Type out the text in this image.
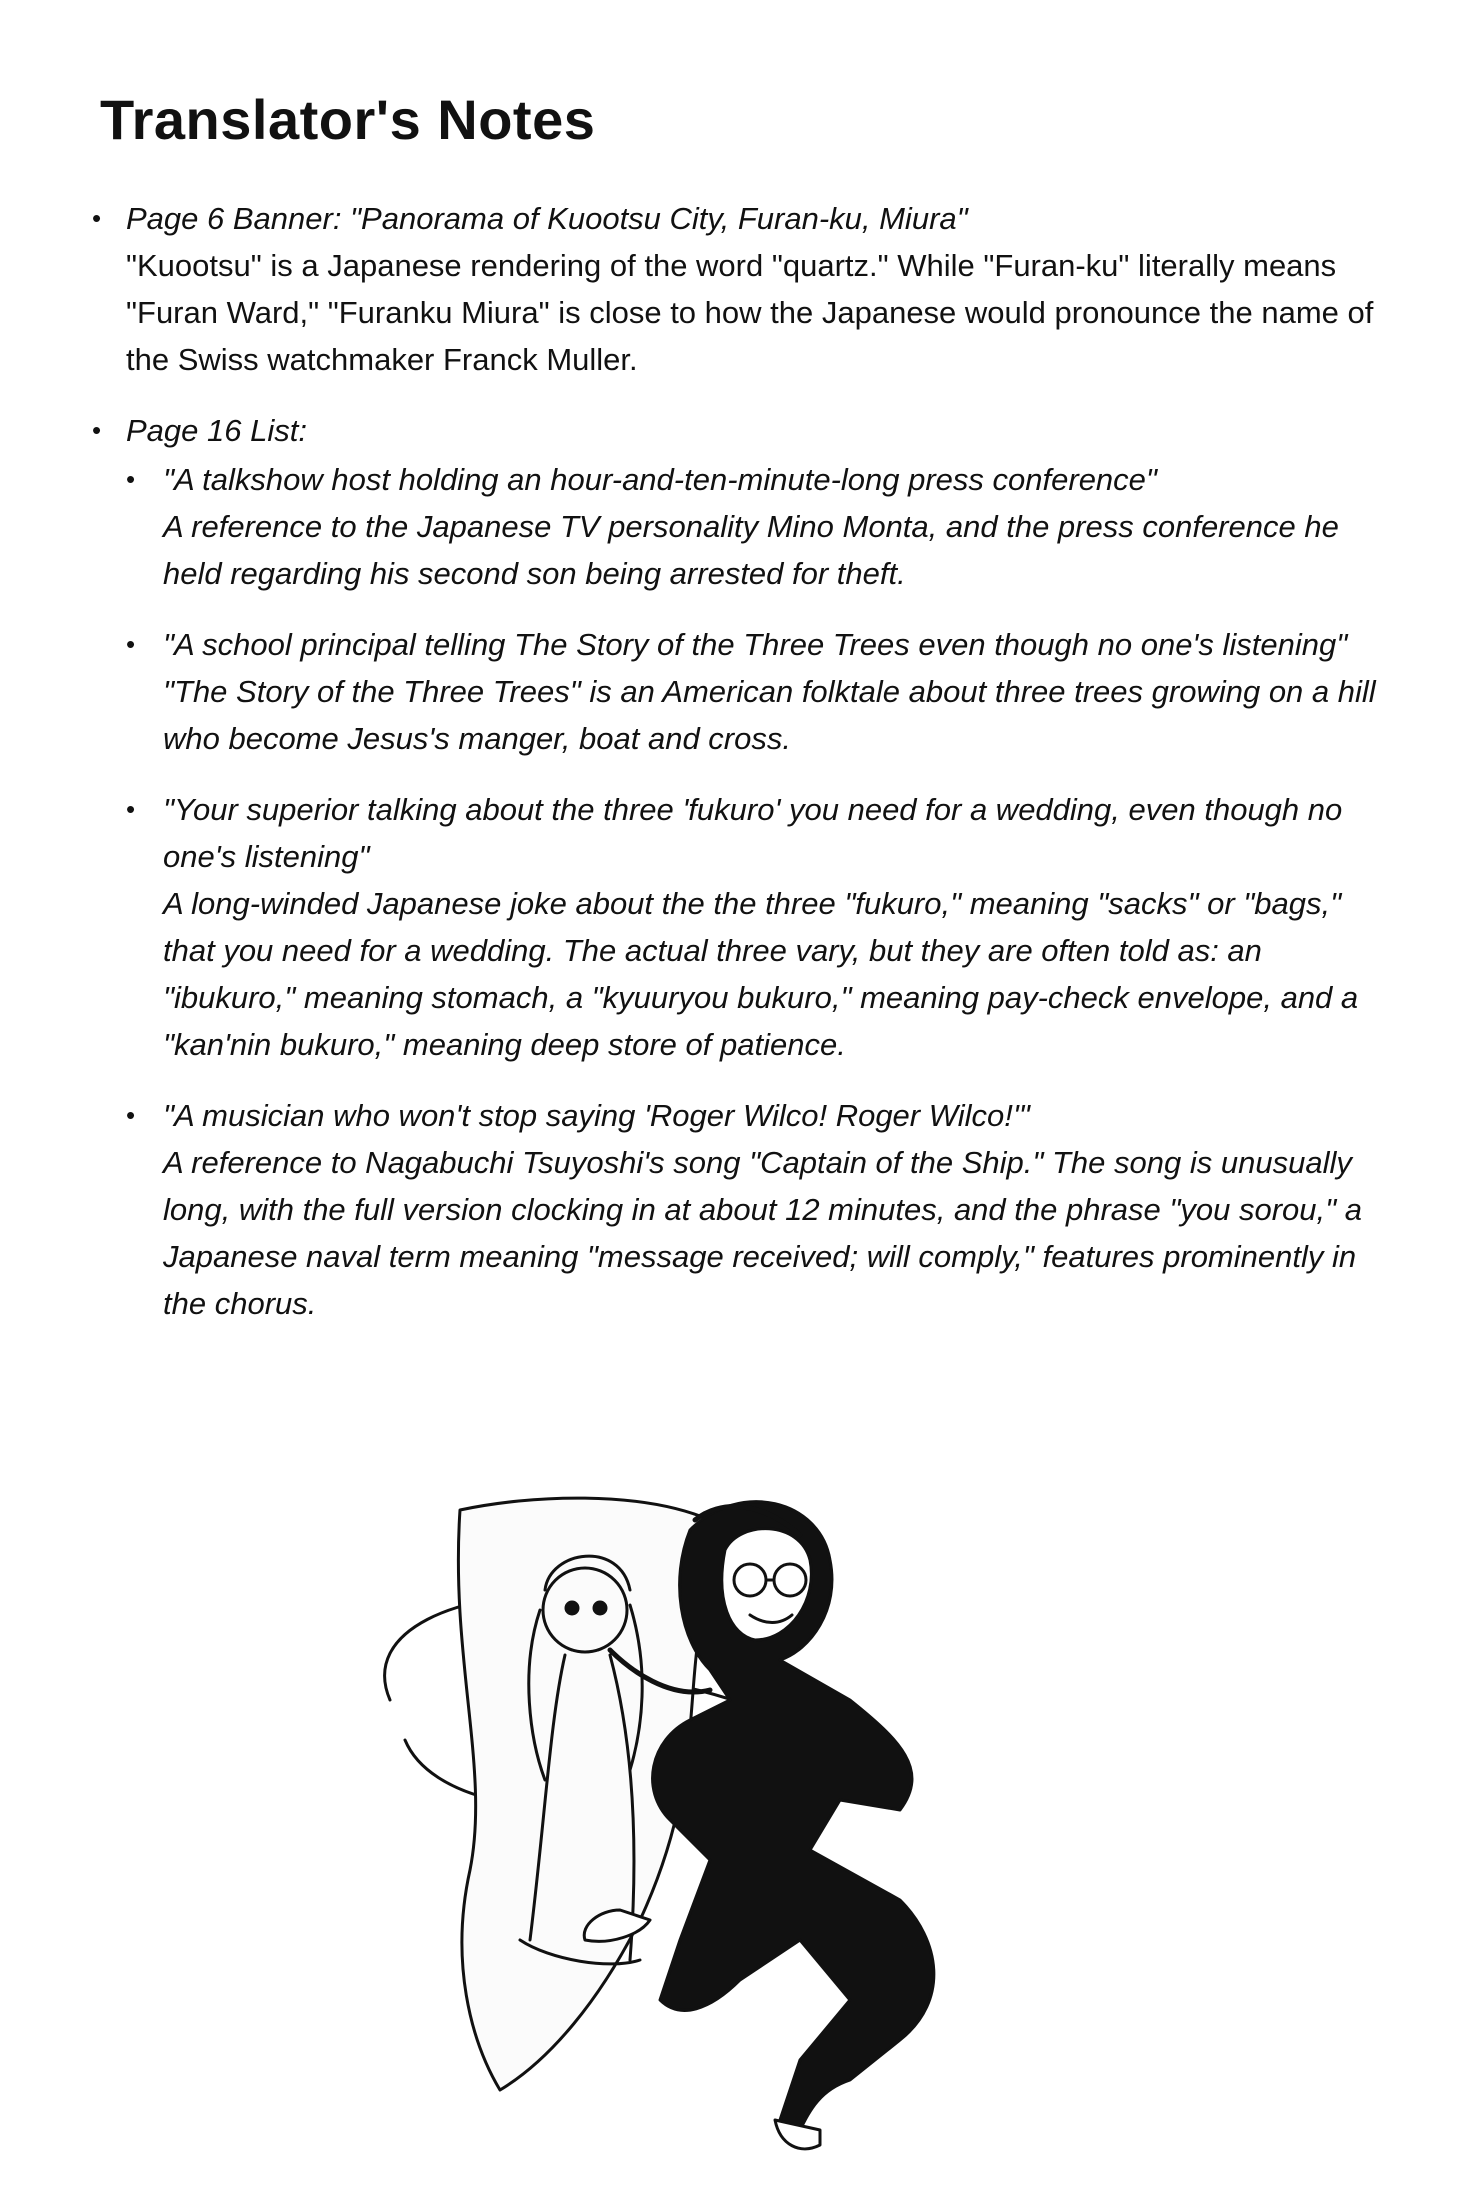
Translator's Notes
• Page 6 Banner: "Panorama of Kuootsu City, Furan-ku, Miura"
"Kuootsu" is a Japanese rendering of the word "quartz." While "Furan-ku" literally means "Furan Ward," "Furanku Miura" is close to how the Japanese would pronounce the name of the Swiss watchmaker Franck Muller.
• Page 16 List:
• "A talkshow host holding an hour-and-ten-minute-long press conference"
A reference to the Japanese TV personality Mino Monta, and the press conference he held regarding his second son being arrested for theft.
• "A school principal telling The Story of the Three Trees even though no one's listening"
"The Story of the Three Trees" is an American folktale about three trees growing on a hill who become Jesus's manger, boat and cross.
• "Your superior talking about the three 'fukuro' you need for a wedding, even though no one's listening"
A long-winded Japanese joke about the the three "fukuro," meaning "sacks" or "bags," that you need for a wedding. The actual three vary, but they are often told as: an "ibukuro," meaning stomach, a "kyuuryou bukuro," meaning pay-check envelope, and a "kan'nin bukuro," meaning deep store of patience.
• "A musician who won't stop saying 'Roger Wilco! Roger Wilco!'"
A reference to Nagabuchi Tsuyoshi's song "Captain of the Ship." The song is unusually long, with the full version clocking in at about 12 minutes, and the phrase "you sorou," a Japanese naval term meaning "message received; will comply," features prominently in the chorus.
